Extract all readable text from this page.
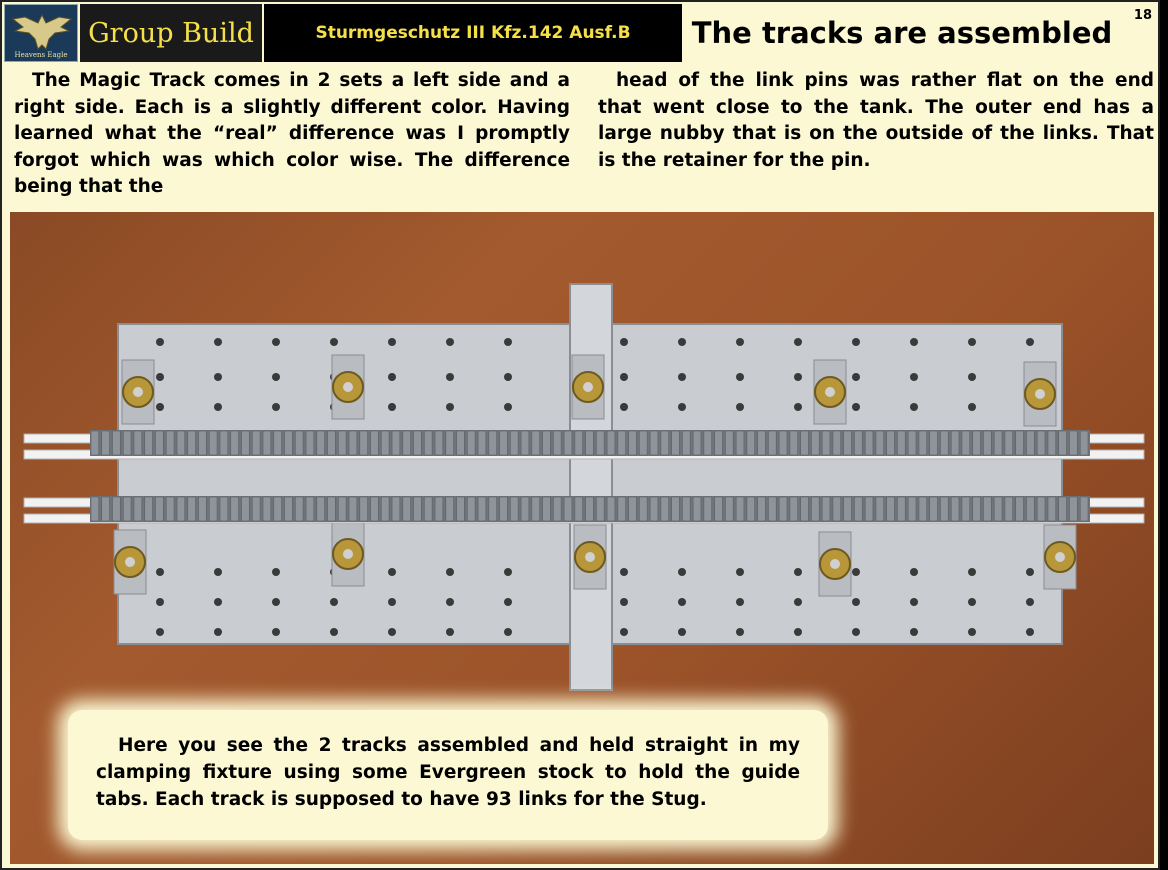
Heavens Eagle
Group Build	Sturmgeschutz III Kfz.142 Ausf.B	The tracks are assembled
18

The Magic Track comes in 2 sets a left side and a right side. Each is a slightly different color. Having learned what the “real” difference was I promptly forgot which was which color wise. The difference being that the

head of the link pins was rather flat on the end that went close to the tank. The outer end has a large nubby that is on the outside of the links. That is the retainer for the pin.

Here you see the 2 tracks assembled and held straight in my clamping fixture using some Evergreen stock to hold the guide tabs. Each track is supposed to have 93 links for the Stug.
